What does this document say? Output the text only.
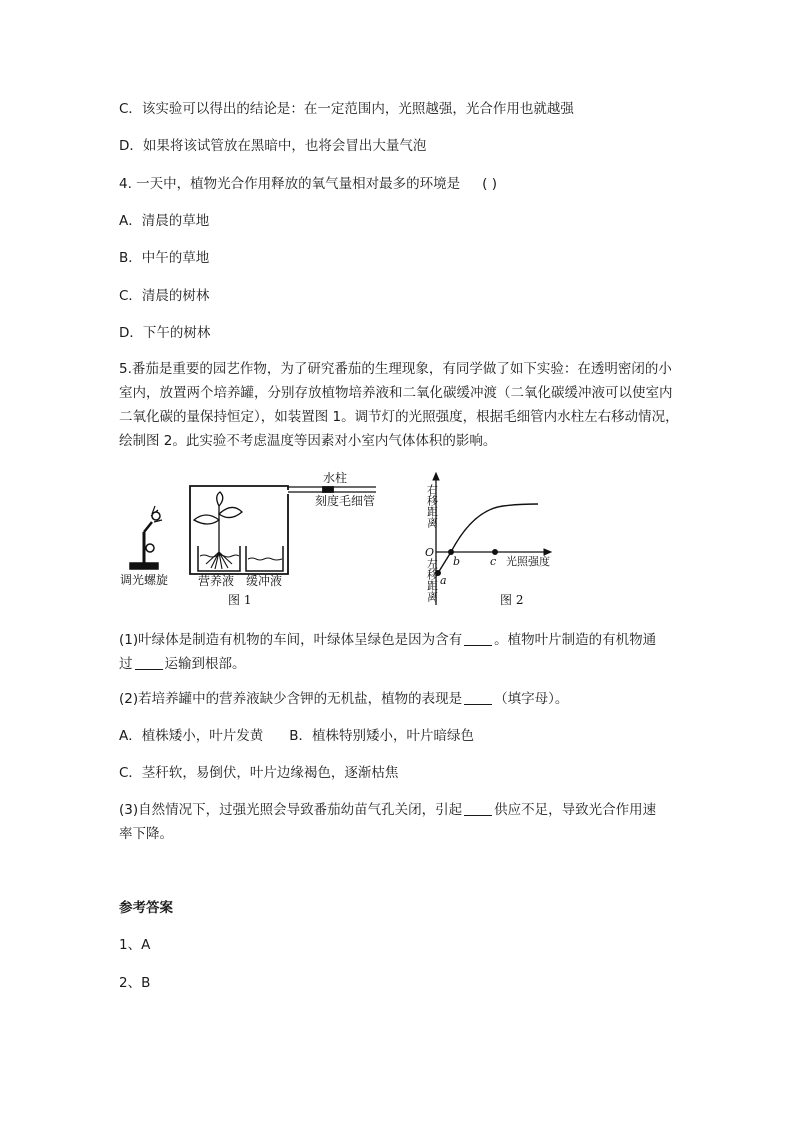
C．该实验可以得出的结论是：在一定范围内，光照越强，光合作用也就越强
D．如果将该试管放在黑暗中，也将会冒出大量气泡
4. 一天中，植物光合作用释放的氧气量相对最多的环境是 ( )
A．清晨的草地
B．中午的草地
C．清晨的树林
D．下午的树林
5.番茄是重要的园艺作物，为了研究番茄的生理现象，有同学做了如下实验：在透明密闭的小室内，放置两个培养罐，分别存放植物培养液和二氧化碳缓冲渡（二氧化碳缓冲液可以使室内二氧化碳的量保持恒定），如装置图 1。调节灯的光照强度，根据毛细管内水柱左右移动情况，绘制图 2。此实验不考虑温度等因素对小室内气体体积的影响。
水柱
刻度毛细管
调光螺旋 营养液 缓冲液
图 1
右移距离
左移距离
O
a
b	c 光照强度
图 2
(1)叶绿体是制造有机物的车间，叶绿体呈绿色是因为含有 。植物叶片制造的有机物通
过 运输到根部。
(2)若培养罐中的营养液缺少含钾的无机盐，植物的表现是 （填字母）。
A．植株矮小，叶片发黄 B．植株特别矮小，叶片暗绿色
C．茎秆软，易倒伏，叶片边缘褐色，逐渐枯焦
(3)自然情况下，过强光照会导致番茄幼苗气孔关闭，引起 供应不足，导致光合作用速
率下降。
参考答案
1、A
2、B
